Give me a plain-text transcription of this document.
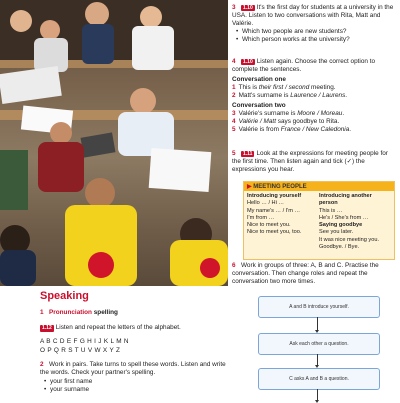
3 1.10 It's the first day for students at a university in the USA. Listen to two conversations with Rita, Matt and Valérie.
• Which two people are new students?
• Which person works at the university?
4 1.10 Listen again. Choose the correct option to complete the sentences.
Conversation one
1 This is their first / second meeting.
2 Matt's surname is Laurence / Laurens.
Conversation two
3 Valérie's surname is Moore / Moreau.
4 Valérie / Matt says goodbye to Rita.
5 Valérie is from France / New Caledonia.
5 1.11 Look at the expressions for meeting people for the first time. Then listen again and tick (✓) the expressions you hear.
6 Work in groups of three: A, B and C. Practise the conversation. Then change roles and repeat the conversation two more times.
▶ MEETING PEOPLE
Introducing yourself
Hello … / Hi …
My name's … / I'm …
I'm from …
Nice to meet you.
Nice to meet you, too.
Introducing another person
This is …
He's / She's from …
Saying goodbye
See you later.
It was nice meeting you.
Goodbye. / Bye.
A and B introduce yourself.
Ask each other a question.
C asks A and B a question.
Speaking
1 Pronunciation spelling
1.12 Listen and repeat the letters of the alphabet.
A B C D E F G H I J K L M N
O P Q R S T U V W X Y Z
2 Work in pairs. Take turns to spell these words. Listen and write the words. Check your partner's spelling.
• your first name
• your surname
